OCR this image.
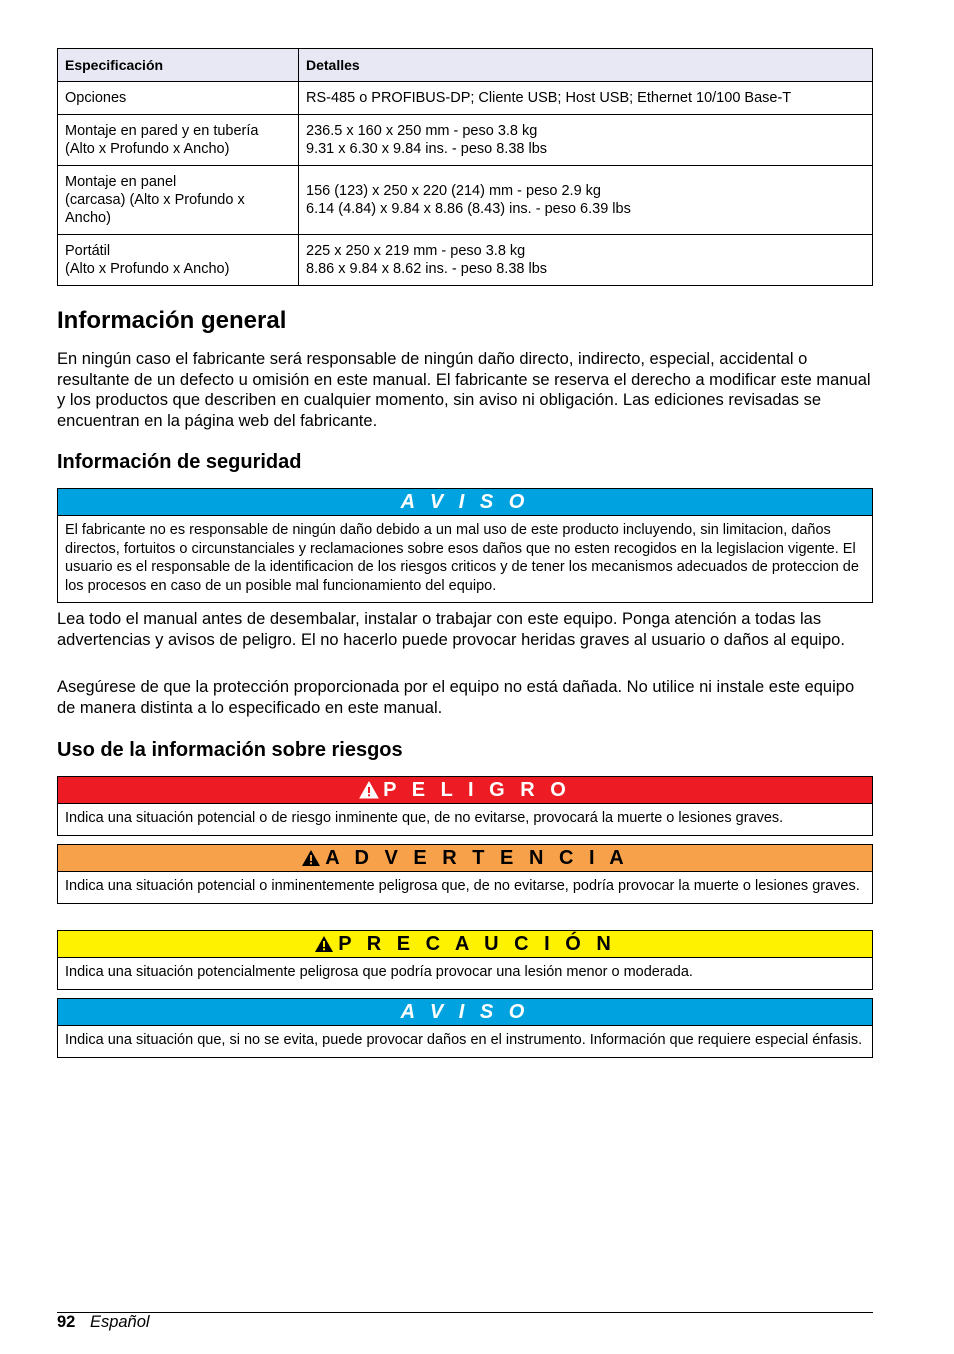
Especificación	Detalles

Opciones	RS-485 o PROFIBUS-DP; Cliente USB; Host USB; Ethernet 10/100 Base-T

Montaje en pared y en tubería
(Alto x Profundo x Ancho)	236.5 x 160 x 250 mm - peso 3.8 kg
9.31 x 6.30 x 9.84 ins. - peso 8.38 lbs

Montaje en panel
(carcasa) (Alto x Profundo x
Ancho)	156 (123) x 250 x 220 (214) mm - peso 2.9 kg
6.14 (4.84) x 9.84 x 8.86 (8.43) ins. - peso 6.39 lbs

Portátil
(Alto x Profundo x Ancho)	225 x 250 x 219 mm - peso 3.8 kg
8.86 x 9.84 x 8.62 ins. - peso 8.38 lbs
Información general

En ningún caso el fabricante será responsable de ningún daño directo, indirecto, especial, accidental o resultante de un defecto u omisión en este manual. El fabricante se reserva el derecho a modificar este manual y los productos que describen en cualquier momento, sin aviso ni obligación. Las ediciones revisadas se encuentran en la página web del fabricante.

Información de seguridad
A V I S O
El fabricante no es responsable de ningún daño debido a un mal uso de este producto incluyendo, sin limitacion, daños directos, fortuitos o circunstanciales y reclamaciones sobre esos daños que no esten recogidos en la legislacion vigente. El usuario es el responsable de la identificacion de los riesgos criticos y de tener los mecanismos adecuados de proteccion de los procesos en caso de un posible mal funcionamiento del equipo.

Lea todo el manual antes de desembalar, instalar o trabajar con este equipo. Ponga atención a todas las advertencias y avisos de peligro. El no hacerlo puede provocar heridas graves al usuario o daños al equipo.

Asegúrese de que la protección proporcionada por el equipo no está dañada. No utilice ni instale este equipo de manera distinta a lo especificado en este manual.

Uso de la información sobre riesgos
P E L I G R O
Indica una situación potencial o de riesgo inminente que, de no evitarse, provocará la muerte o lesiones graves.
A D V E R T E N C I A
Indica una situación potencial o inminentemente peligrosa que, de no evitarse, podría provocar la muerte o lesiones graves.
P R E C A U C I Ó N
Indica una situación potencialmente peligrosa que podría provocar una lesión menor o moderada.
A V I S O
Indica una situación que, si no se evita, puede provocar daños en el instrumento. Información que requiere especial énfasis.
92 Español
